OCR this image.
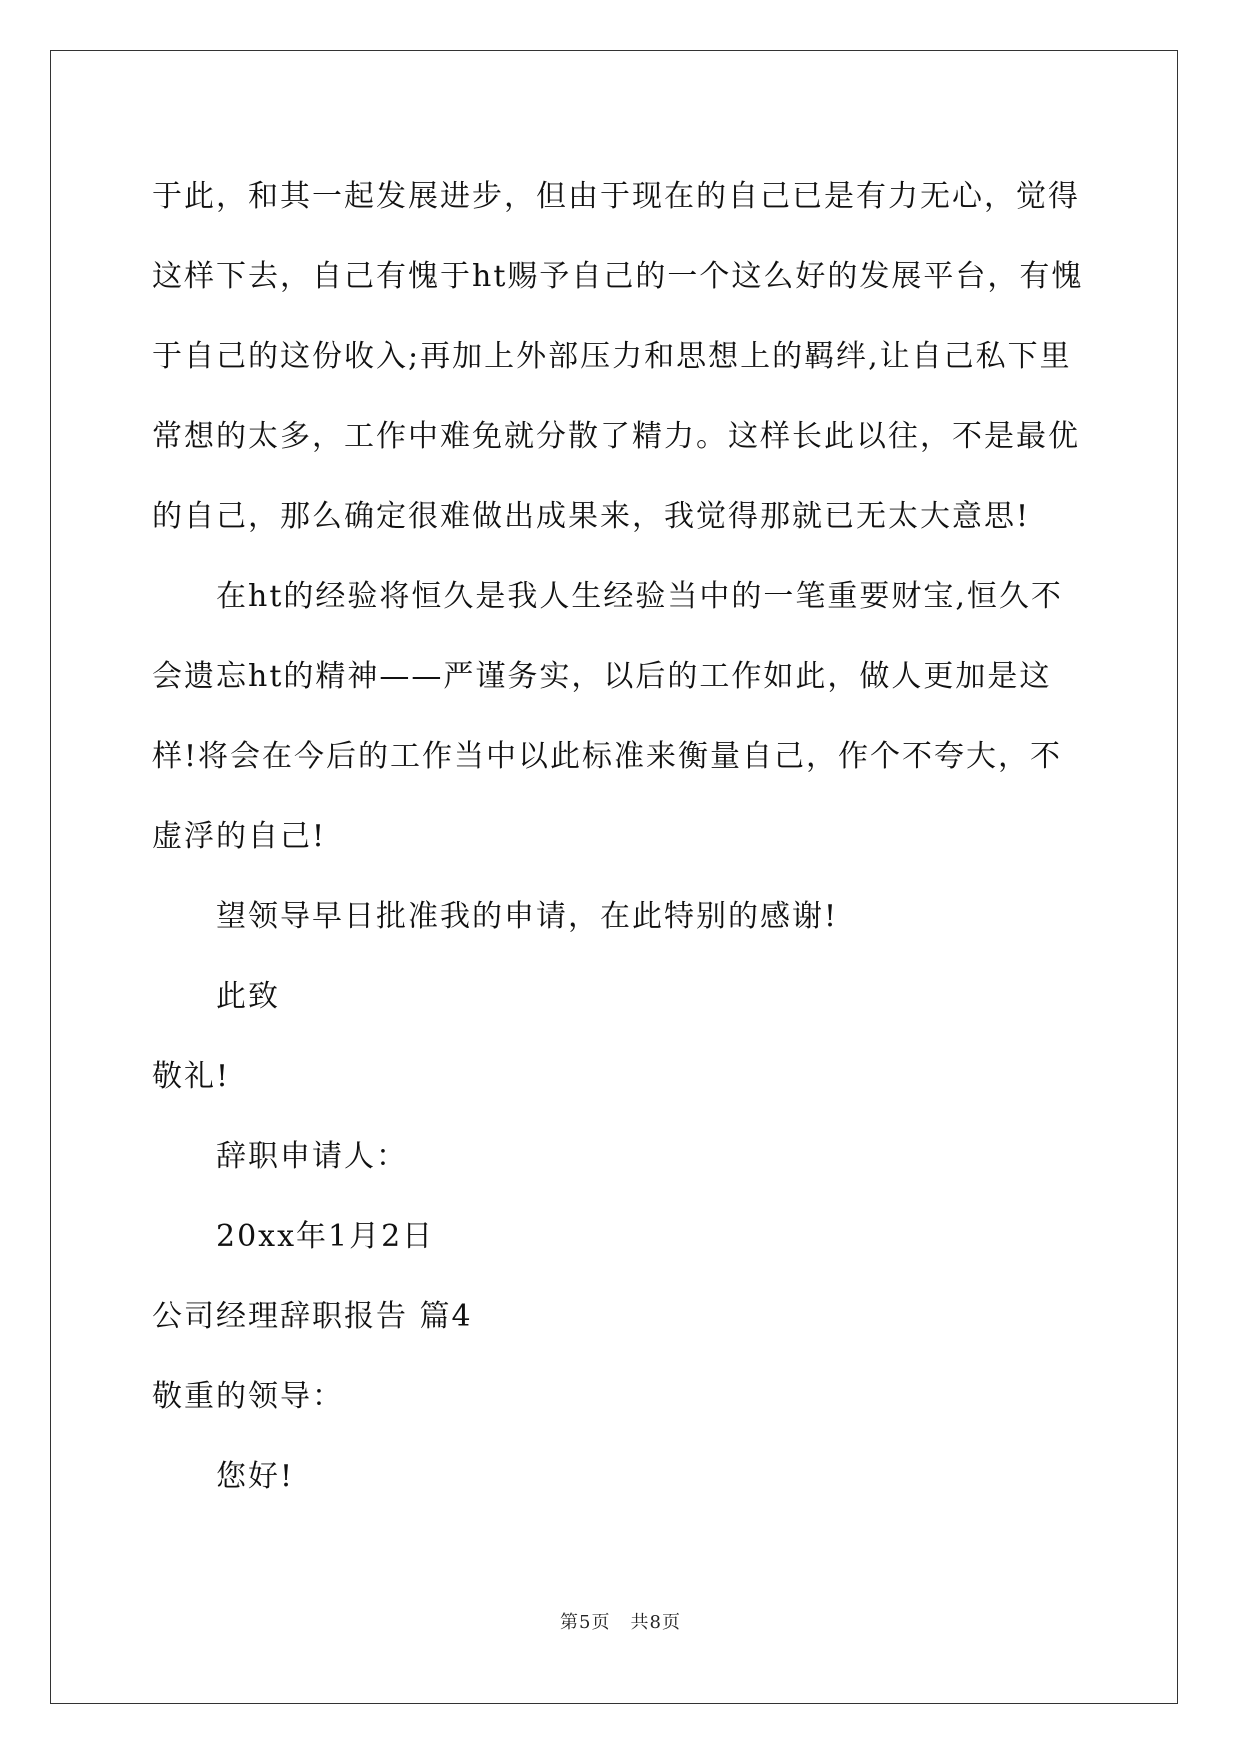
于此，和其一起发展进步，但由于现在的自己已是有力无心，觉得这样下去，自己有愧于ht赐予自己的一个这么好的发展平台，有愧于自己的这份收入;再加上外部压力和思想上的羁绊,让自己私下里常想的太多，工作中难免就分散了精力。这样长此以往，不是最优的自己，那么确定很难做出成果来，我觉得那就已无太大意思!

在ht的经验将恒久是我人生经验当中的一笔重要财宝,恒久不会遗忘ht的精神——严谨务实，以后的工作如此，做人更加是这样!将会在今后的工作当中以此标准来衡量自己，作个不夸大，不虚浮的自己!

望领导早日批准我的申请，在此特别的感谢!

此致

敬礼!

辞职申请人：

20xx年1月2日

公司经理辞职报告 篇4

敬重的领导：

您好!

第5页 共8页
